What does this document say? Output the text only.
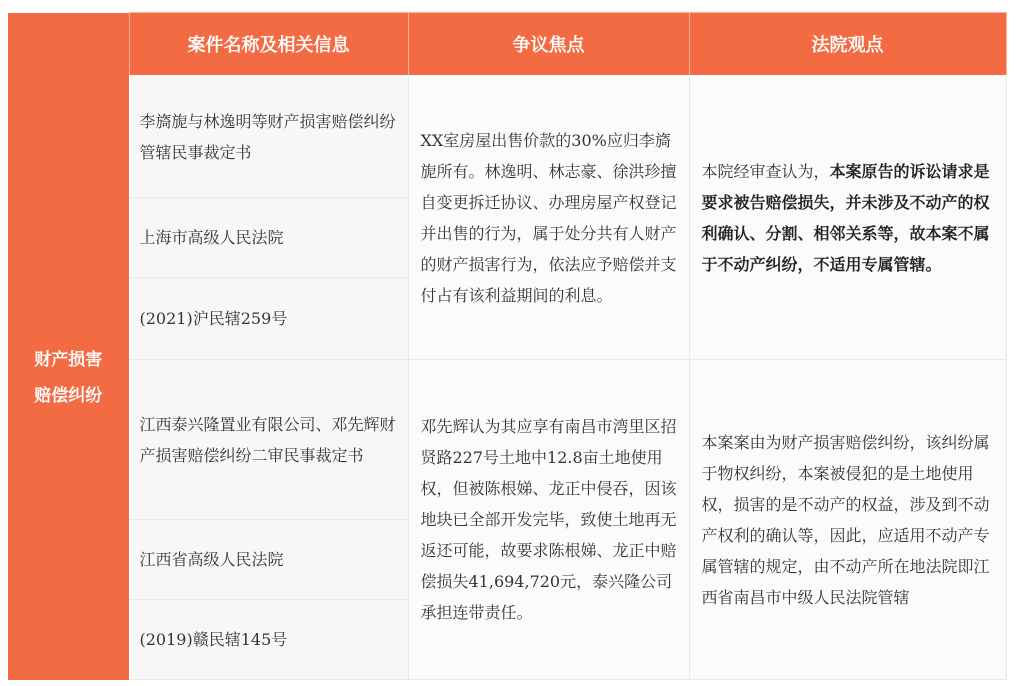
	案件名称及相关信息	争议焦点	法院观点

财产损害
赔偿纠纷	李旖旎与林逸明等财产损害赔偿纠纷管辖民事裁定书	XX室房屋出售价款的30%应归李旖旎所有。林逸明、林志豪、徐洪珍擅自变更拆迁协议、办理房屋产权登记并出售的行为，属于处分共有人财产的财产损害行为，依法应予赔偿并支付占有该利益期间的利息。	本院经审查认为，本案原告的诉讼请求是要求被告赔偿损失，并未涉及不动产的权利确认、分割、相邻关系等，故本案不属于不动产纠纷，不适用专属管辖。
	上海市高级人民法院		
	(2021)沪民辖259号		
	江西泰兴隆置业有限公司、邓先辉财产损害赔偿纠纷二审民事裁定书	邓先辉认为其应享有南昌市湾里区招贤路227号土地中12.8亩土地使用权，但被陈根娣、龙正中侵吞，因该地块已全部开发完毕，致使土地再无返还可能，故要求陈根娣、龙正中赔偿损失41,694,720元，泰兴隆公司承担连带责任。	本案案由为财产损害赔偿纠纷，该纠纷属于物权纠纷，本案被侵犯的是土地使用权，损害的是不动产的权益，涉及到不动产权利的确认等，因此，应适用不动产专属管辖的规定，由不动产所在地法院即江西省南昌市中级人民法院管辖
	江西省高级人民法院		
	(2019)赣民辖145号		
